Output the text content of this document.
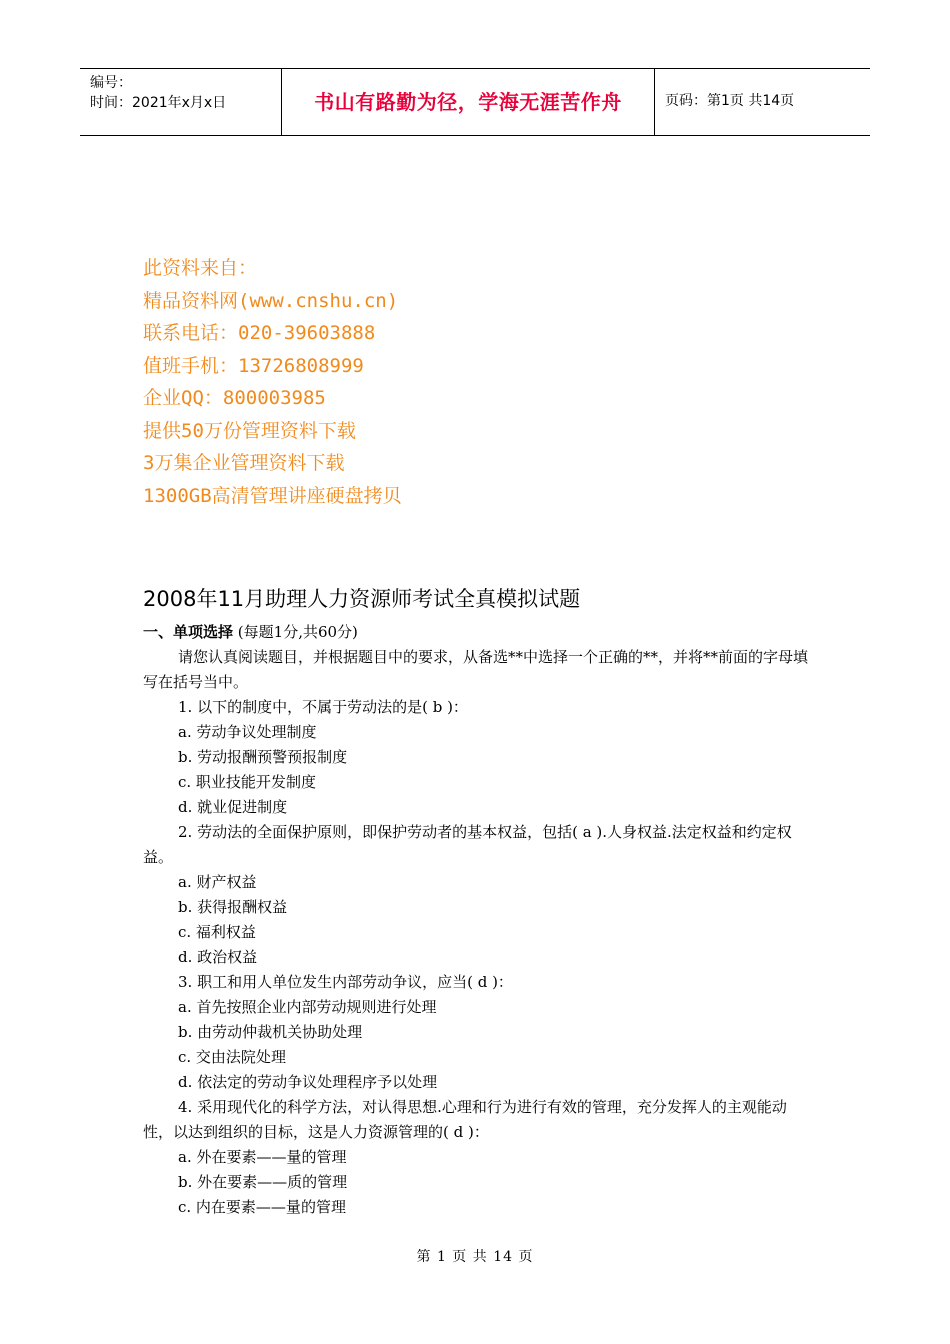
编号：
时间：2021年x月x日	书山有路勤为径，学海无涯苦作舟	页码：第1页 共14页
此资料来自：
精品资料网(www.cnshu.cn)
联系电话：020-39603888
值班手机：13726808999
企业QQ：800003985
提供50万份管理资料下载
3万集企业管理资料下载
1300GB高清管理讲座硬盘拷贝
2008年11月助理人力资源师考试全真模拟试题

一、单项选择 (每题1分,共60分)

请您认真阅读题目，并根据题目中的要求，从备选**中选择一个正确的**，并将**前面的字母填写在括号当中。

1. 以下的制度中，不属于劳动法的是( b )：

a. 劳动争议处理制度

b. 劳动报酬预警预报制度

c. 职业技能开发制度

d. 就业促进制度

2. 劳动法的全面保护原则，即保护劳动者的基本权益，包括( a ).人身权益.法定权益和约定权益。

a. 财产权益

b. 获得报酬权益

c. 福利权益

d. 政治权益

3. 职工和用人单位发生内部劳动争议，应当( d )：

a. 首先按照企业内部劳动规则进行处理

b. 由劳动仲裁机关协助处理

c. 交由法院处理

d. 依法定的劳动争议处理程序予以处理

4. 采用现代化的科学方法，对认得思想.心理和行为进行有效的管理，充分发挥人的主观能动性，以达到组织的目标，这是人力资源管理的( d )：

a. 外在要素——量的管理

b. 外在要素——质的管理

c. 内在要素——量的管理

第 1 页 共 14 页
